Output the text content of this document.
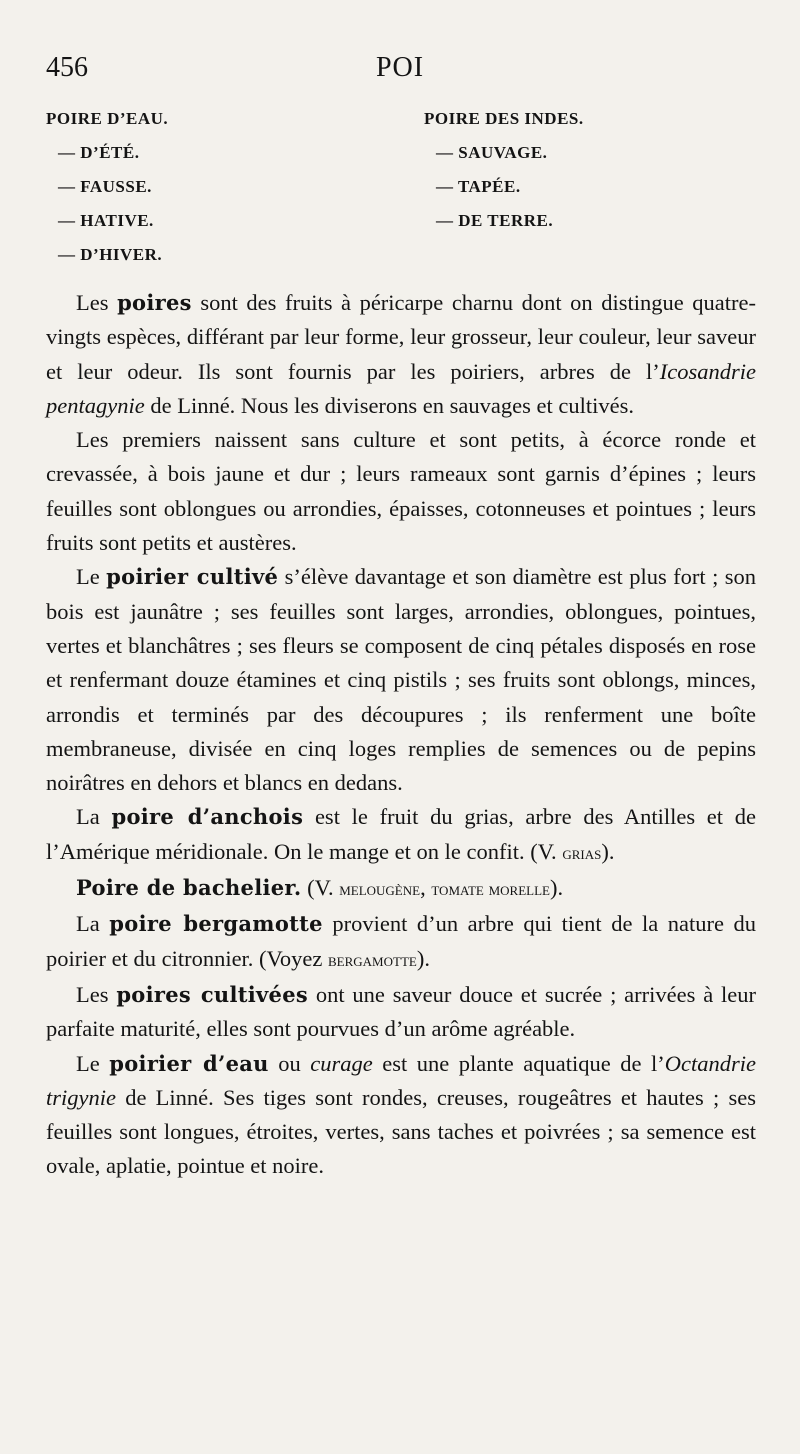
456	POI
POIRE D’EAU.
— D’ÉTÉ.
— FAUSSE.
— HATIVE.
— D’HIVER.
POIRE DES INDES.
— SAUVAGE.
— TAPÉE.
— DE TERRE.

Les poires sont des fruits à péricarpe charnu dont on distingue quatre-vingts espèces, différant par leur forme, leur grosseur, leur couleur, leur saveur et leur odeur. Ils sont fournis par les poiriers, arbres de l’Icosandrie pentagynie de Linné. Nous les diviserons en sauvages et cultivés.

Les premiers naissent sans culture et sont petits, à écorce ronde et crevassée, à bois jaune et dur ; leurs rameaux sont garnis d’épines ; leurs feuilles sont oblongues ou arrondies, épaisses, cotonneuses et pointues ; leurs fruits sont petits et austères.

Le poirier cultivé s’élève davantage et son diamètre est plus fort ; son bois est jaunâtre ; ses feuilles sont larges, arrondies, oblongues, pointues, vertes et blanchâtres ; ses fleurs se composent de cinq pétales disposés en rose et renfermant douze étamines et cinq pistils ; ses fruits sont oblongs, minces, arrondis et terminés par des découpures ; ils renferment une boîte membraneuse, divisée en cinq loges remplies de semences ou de pepins noirâtres en dehors et blancs en dedans.

La poire d’anchois est le fruit du grias, arbre des Antilles et de l’Amérique méridionale. On le mange et on le confit. (V. grias).

Poire de bachelier. (V. melougène, tomate morelle).

La poire bergamotte provient d’un arbre qui tient de la nature du poirier et du citronnier. (Voyez bergamotte).

Les poires cultivées ont une saveur douce et sucrée ; arrivées à leur parfaite maturité, elles sont pourvues d’un arôme agréable.

Le poirier d’eau ou curage est une plante aquatique de l’Octandrie trigynie de Linné. Ses tiges sont rondes, creuses, rougeâtres et hautes ; ses feuilles sont longues, étroites, vertes, sans taches et poivrées ; sa semence est ovale, aplatie, pointue et noire.
